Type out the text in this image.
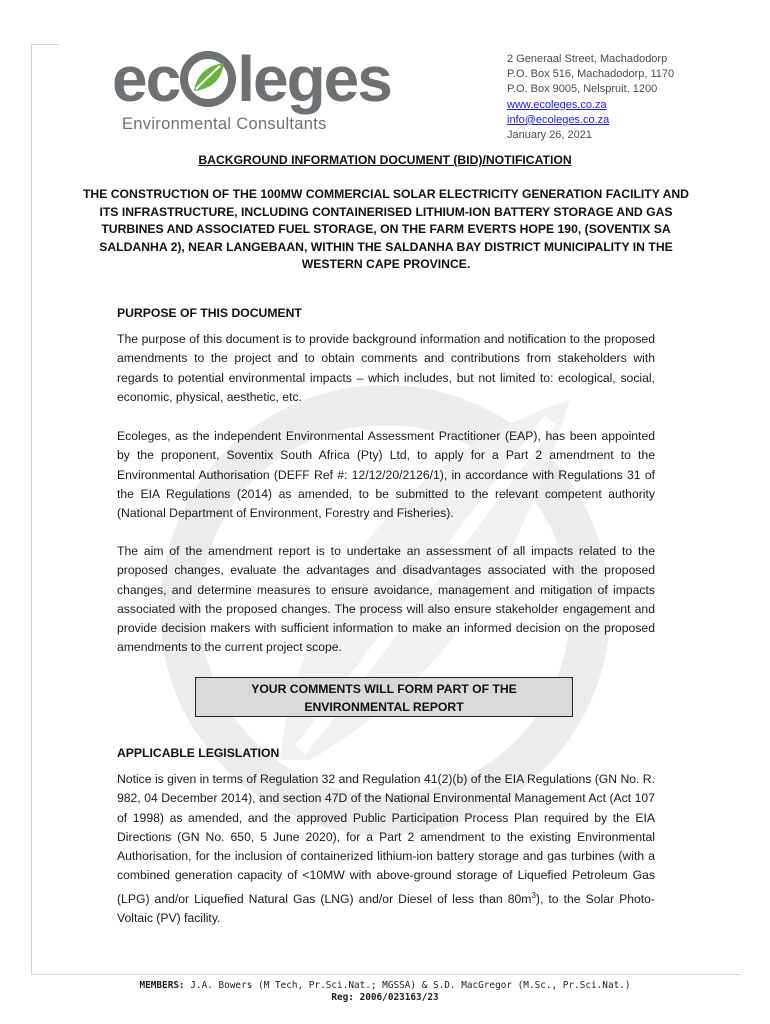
ec leges
Environmental Consultants
2 Generaal Street, Machadodorp
P.O. Box 516, Machadodorp, 1170
P.O. Box 9005, Nelspruit, 1200
www.ecoleges.co.za
info@ecoleges.co.za
January 26, 2021
BACKGROUND INFORMATION DOCUMENT (BID)/NOTIFICATION
THE CONSTRUCTION OF THE 100MW COMMERCIAL SOLAR ELECTRICITY GENERATION FACILITY AND ITS INFRASTRUCTURE, INCLUDING CONTAINERISED LITHIUM-ION BATTERY STORAGE AND GAS TURBINES AND ASSOCIATED FUEL STORAGE, ON THE FARM EVERTS HOPE 190, (SOVENTIX SA SALDANHA 2), NEAR LANGEBAAN, WITHIN THE SALDANHA BAY DISTRICT MUNICIPALITY IN THE WESTERN CAPE PROVINCE.
PURPOSE OF THIS DOCUMENT
The purpose of this document is to provide background information and notification to the proposed amendments to the project and to obtain comments and contributions from stakeholders with regards to potential environmental impacts – which includes, but not limited to: ecological, social, economic, physical, aesthetic, etc.
Ecoleges, as the independent Environmental Assessment Practitioner (EAP), has been appointed by the proponent, Soventix South Africa (Pty) Ltd, to apply for a Part 2 amendment to the Environmental Authorisation (DEFF Ref #: 12/12/20/2126/1), in accordance with Regulations 31 of the EIA Regulations (2014) as amended, to be submitted to the relevant competent authority (National Department of Environment, Forestry and Fisheries).
The aim of the amendment report is to undertake an assessment of all impacts related to the proposed changes, evaluate the advantages and disadvantages associated with the proposed changes, and determine measures to ensure avoidance, management and mitigation of impacts associated with the proposed changes. The process will also ensure stakeholder engagement and provide decision makers with sufficient information to make an informed decision on the proposed amendments to the current project scope.
YOUR COMMENTS WILL FORM PART OF THE
ENVIRONMENTAL REPORT
APPLICABLE LEGISLATION
Notice is given in terms of Regulation 32 and Regulation 41(2)(b) of the EIA Regulations (GN No. R. 982, 04 December 2014), and section 47D of the National Environmental Management Act (Act 107 of 1998) as amended, and the approved Public Participation Process Plan required by the EIA Directions (GN No. 650, 5 June 2020), for a Part 2 amendment to the existing Environmental Authorisation, for the inclusion of containerized lithium-ion battery storage and gas turbines (with a combined generation capacity of <10MW with above-ground storage of Liquefied Petroleum Gas (LPG) and/or Liquefied Natural Gas (LNG) and/or Diesel of less than $80m^3$), to the Solar Photo-Voltaic (PV) facility.
MEMBERS: J.A. Bowers (M Tech, Pr.Sci.Nat.; MGSSA) & S.D. MacGregor (M.Sc., Pr.Sci.Nat.)
Reg: 2006/023163/23
